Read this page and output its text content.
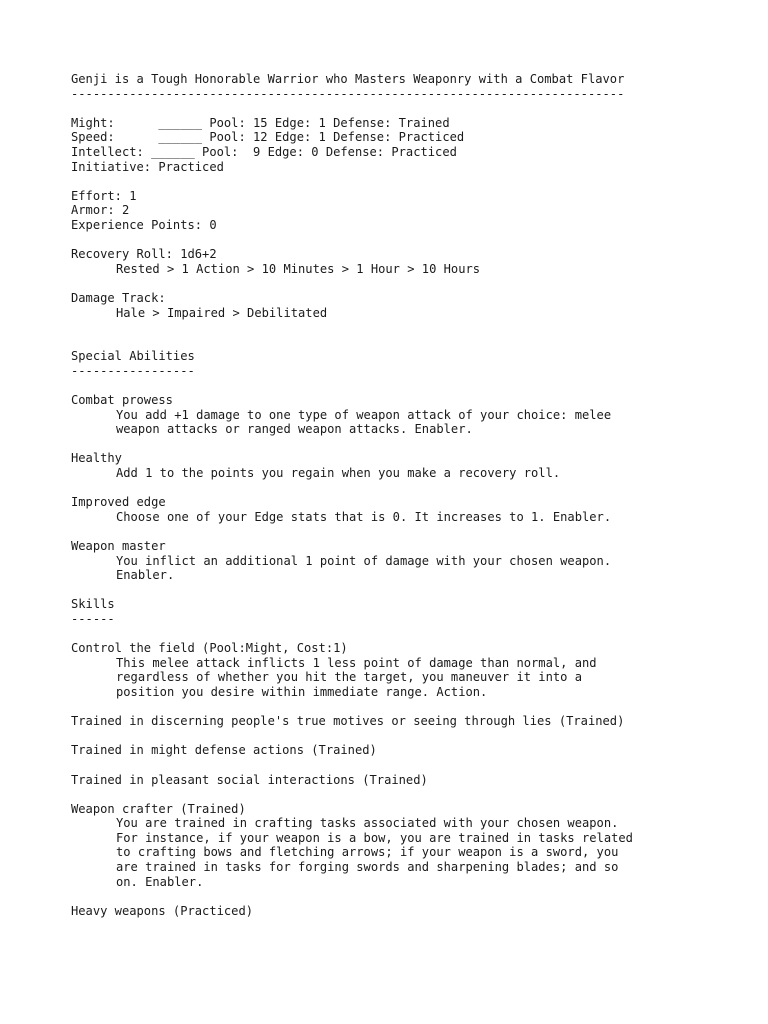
Genji is a Tough Honorable Warrior who Masters Weaponry with a Combat Flavor
----------------------------------------------------------------------------
Might:      ______ Pool: 15 Edge: 1 Defense: Trained
Speed:      ______ Pool: 12 Edge: 1 Defense: Practiced
Intellect: ______ Pool:  9 Edge: 0 Defense: Practiced
Initiative: Practiced
Effort: 1
Armor: 2
Experience Points: 0
Recovery Roll: 1d6+2
Rested > 1 Action > 10 Minutes > 1 Hour > 10 Hours
Damage Track:
Hale > Impaired > Debilitated
Special Abilities
-----------------
Combat prowess
You add +1 damage to one type of weapon attack of your choice: melee
weapon attacks or ranged weapon attacks. Enabler.
Healthy
Add 1 to the points you regain when you make a recovery roll.
Improved edge
Choose one of your Edge stats that is 0. It increases to 1. Enabler.
Weapon master
You inflict an additional 1 point of damage with your chosen weapon.
Enabler.
Skills
------
Control the field (Pool:Might, Cost:1)
This melee attack inflicts 1 less point of damage than normal, and
regardless of whether you hit the target, you maneuver it into a
position you desire within immediate range. Action.
Trained in discerning people's true motives or seeing through lies (Trained)
Trained in might defense actions (Trained)
Trained in pleasant social interactions (Trained)
Weapon crafter (Trained)
You are trained in crafting tasks associated with your chosen weapon.
For instance, if your weapon is a bow, you are trained in tasks related
to crafting bows and fletching arrows; if your weapon is a sword, you
are trained in tasks for forging swords and sharpening blades; and so
on. Enabler.
Heavy weapons (Practiced)
